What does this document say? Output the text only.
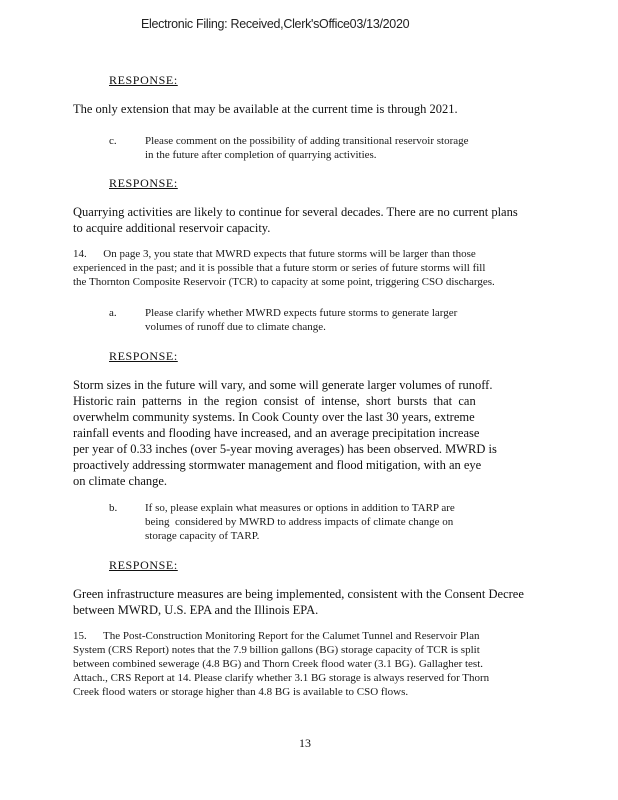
Electronic Filing: Received,Clerk'sOffice03/13/2020
RESPONSE:
The only extension that may be available at the current time is through 2021.
c.	Please comment on the possibility of adding transitional reservoir storage
in the future after completion of quarrying activities.
RESPONSE:
Quarrying activities are likely to continue for several decades. There are no current plans
to acquire additional reservoir capacity.
14.      On page 3, you state that MWRD expects that future storms will be larger than those
experienced in the past; and it is possible that a future storm or series of future storms will fill
the Thornton Composite Reservoir (TCR) to capacity at some point, triggering CSO discharges.
a.	Please clarify whether MWRD expects future storms to generate larger
volumes of runoff due to climate change.
RESPONSE:
Storm sizes in the future will vary, and some will generate larger volumes of runoff.
Historic rain  patterns  in  the  region  consist  of  intense,  short  bursts  that  can
overwhelm community systems. In Cook County over the last 30 years, extreme
rainfall events and flooding have increased, and an average precipitation increase
per year of 0.33 inches (over 5-year moving averages) has been observed. MWRD is
proactively addressing stormwater management and flood mitigation, with an eye
on climate change.
b.	If so, please explain what measures or options in addition to TARP are
being  considered by MWRD to address impacts of climate change on
storage capacity of TARP.
RESPONSE:
Green infrastructure measures are being implemented, consistent with the Consent Decree
between MWRD, U.S. EPA and the Illinois EPA.
15.      The Post-Construction Monitoring Report for the Calumet Tunnel and Reservoir Plan
System (CRS Report) notes that the 7.9 billion gallons (BG) storage capacity of TCR is split
between combined sewerage (4.8 BG) and Thorn Creek flood water (3.1 BG). Gallagher test.
Attach., CRS Report at 14. Please clarify whether 3.1 BG storage is always reserved for Thorn
Creek flood waters or storage higher than 4.8 BG is available to CSO flows.
13
